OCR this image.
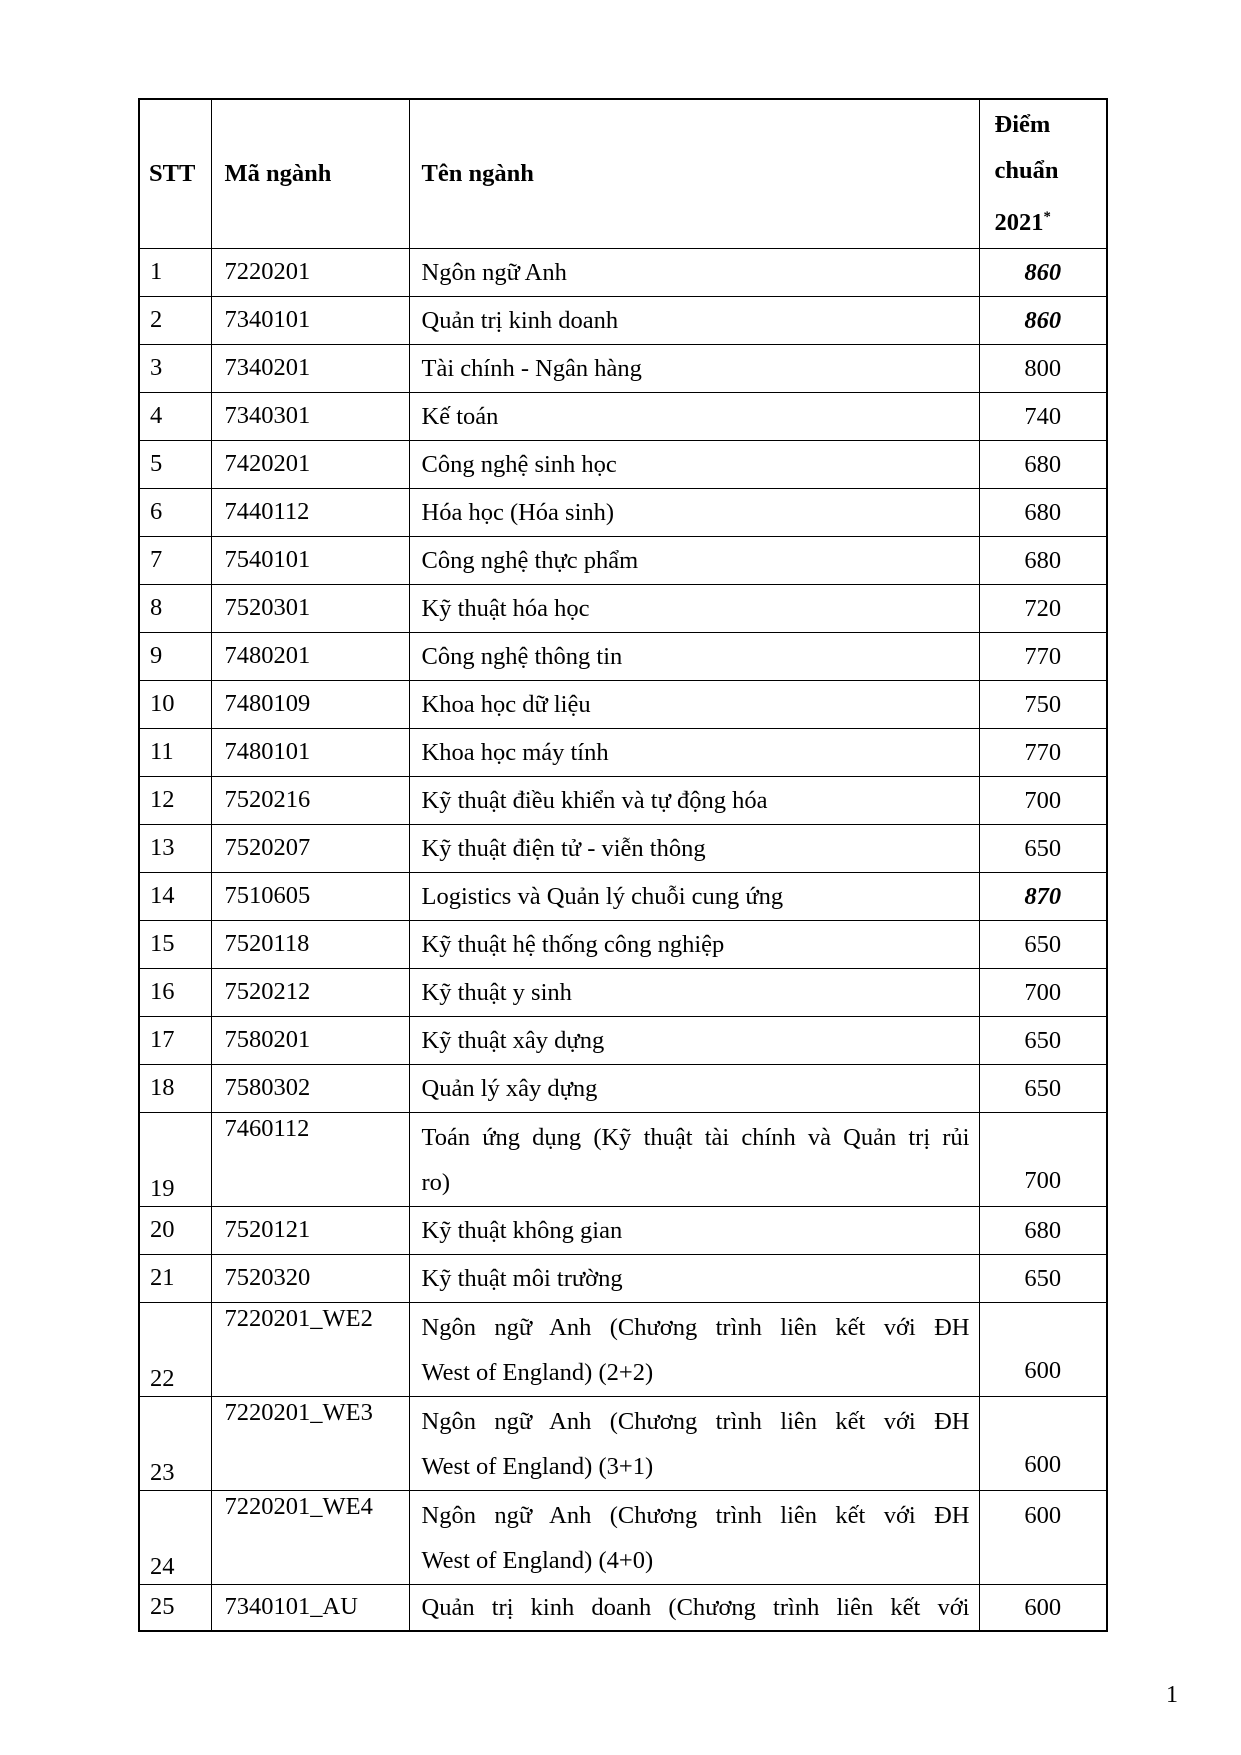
STT	Mã ngành	Tên ngành	Điểm
chuẩn
2021*

1	7220201	Ngôn ngữ Anh	860
2	7340101	Quản trị kinh doanh	860
3	7340201	Tài chính - Ngân hàng	800
4	7340301	Kế toán	740
5	7420201	Công nghệ sinh học	680
6	7440112	Hóa học (Hóa sinh)	680
7	7540101	Công nghệ thực phẩm	680
8	7520301	Kỹ thuật hóa học	720
9	7480201	Công nghệ thông tin	770
10	7480109	Khoa học dữ liệu	750
11	7480101	Khoa học máy tính	770
12	7520216	Kỹ thuật điều khiển và tự động hóa	700
13	7520207	Kỹ thuật điện tử - viễn thông	650
14	7510605	Logistics và Quản lý chuỗi cung ứng	870
15	7520118	Kỹ thuật hệ thống công nghiệp	650
16	7520212	Kỹ thuật y sinh	700
17	7580201	Kỹ thuật xây dựng	650
18	7580302	Quản lý xây dựng	650
19	7460112	Toán ứng dụng (Kỹ thuật tài chính và Quản trị rủi
ro)	700
20	7520121	Kỹ thuật không gian	680
21	7520320	Kỹ thuật môi trường	650
22	7220201_WE2	Ngôn ngữ Anh (Chương trình liên kết với ĐH
West of England) (2+2)	600
23	7220201_WE3	Ngôn ngữ Anh (Chương trình liên kết với ĐH
West of England) (3+1)	600
24	7220201_WE4	Ngôn ngữ Anh (Chương trình liên kết với ĐH
West of England) (4+0)	600
25	7340101_AU	Quản trị kinh doanh (Chương trình liên kết với	600
1
